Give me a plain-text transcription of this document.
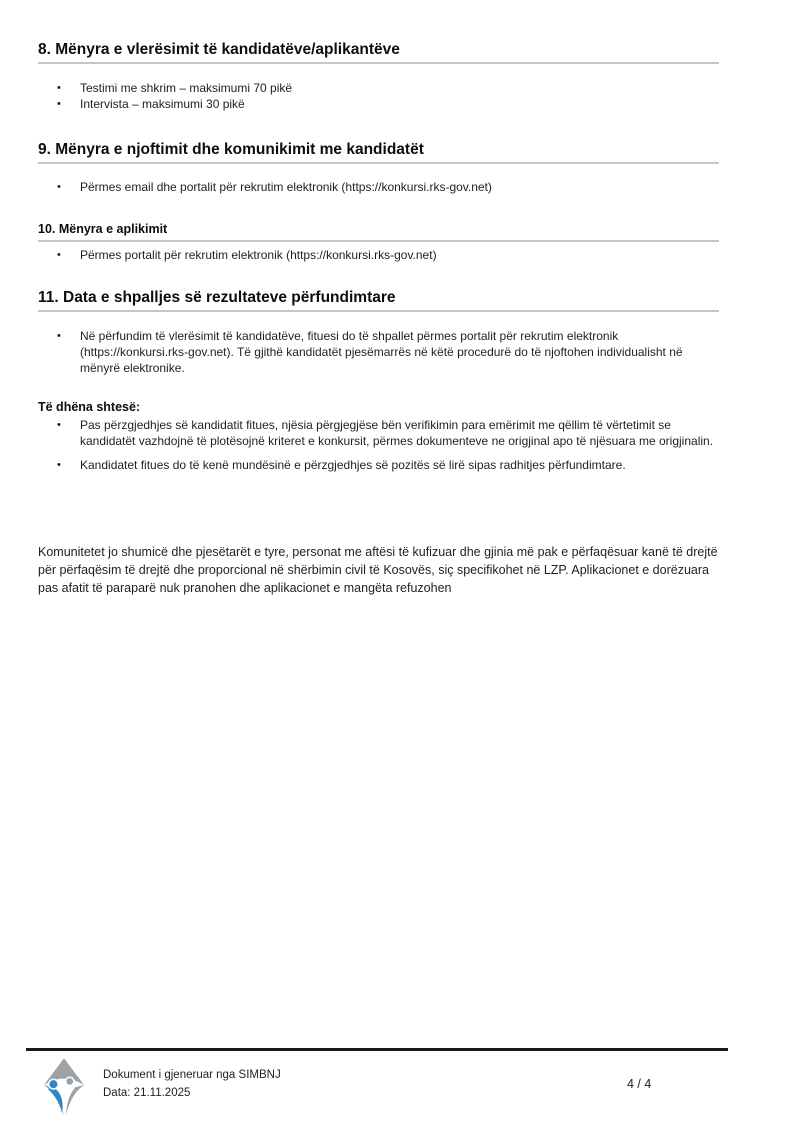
8. Mënyra e vlerësimit të kandidatëve/aplikantëve
• Testimi me shkrim – maksimumi 70 pikë
• Intervista – maksimumi 30 pikë
9. Mënyra e njoftimit dhe komunikimit me kandidatët
• Përmes email dhe portalit për rekrutim elektronik (https://konkursi.rks-gov.net)
10. Mënyra e aplikimit
• Përmes portalit për rekrutim elektronik (https://konkursi.rks-gov.net)
11. Data e shpalljes së rezultateve përfundimtare
• Në përfundim të vlerësimit të kandidatëve, fituesi do të shpallet përmes portalit për rekrutim elektronik (https://konkursi.rks-gov.net). Të gjithë kandidatët pjesëmarrës në këtë procedurë do të njoftohen individualisht në mënyrë elektronike.
Të dhëna shtesë:
• Pas përzgjedhjes së kandidatit fitues, njësia përgjegjëse bën verifikimin para emërimit me qëllim të vërtetimit se kandidatët vazhdojnë të plotësojnë kriteret e konkursit, përmes dokumenteve ne origjinal apo të njësuara me origjinalin.
• Kandidatet fitues do të kenë mundësinë e përzgjedhjes së pozitës së lirë sipas radhitjes përfundimtare.
Komunitetet jo shumicë dhe pjesëtarët e tyre, personat me aftësi të kufizuar dhe gjinia më pak e përfaqësuar kanë të drejtë për përfaqësim të drejtë dhe proporcional në shërbimin civil të Kosovës, siç specifikohet në LZP. Aplikacionet e dorëzuara pas afatit të paraparë nuk pranohen dhe aplikacionet e mangëta refuzohen
Dokument i gjeneruar nga SIMBNJ
Data: 21.11.2025
4 / 4
